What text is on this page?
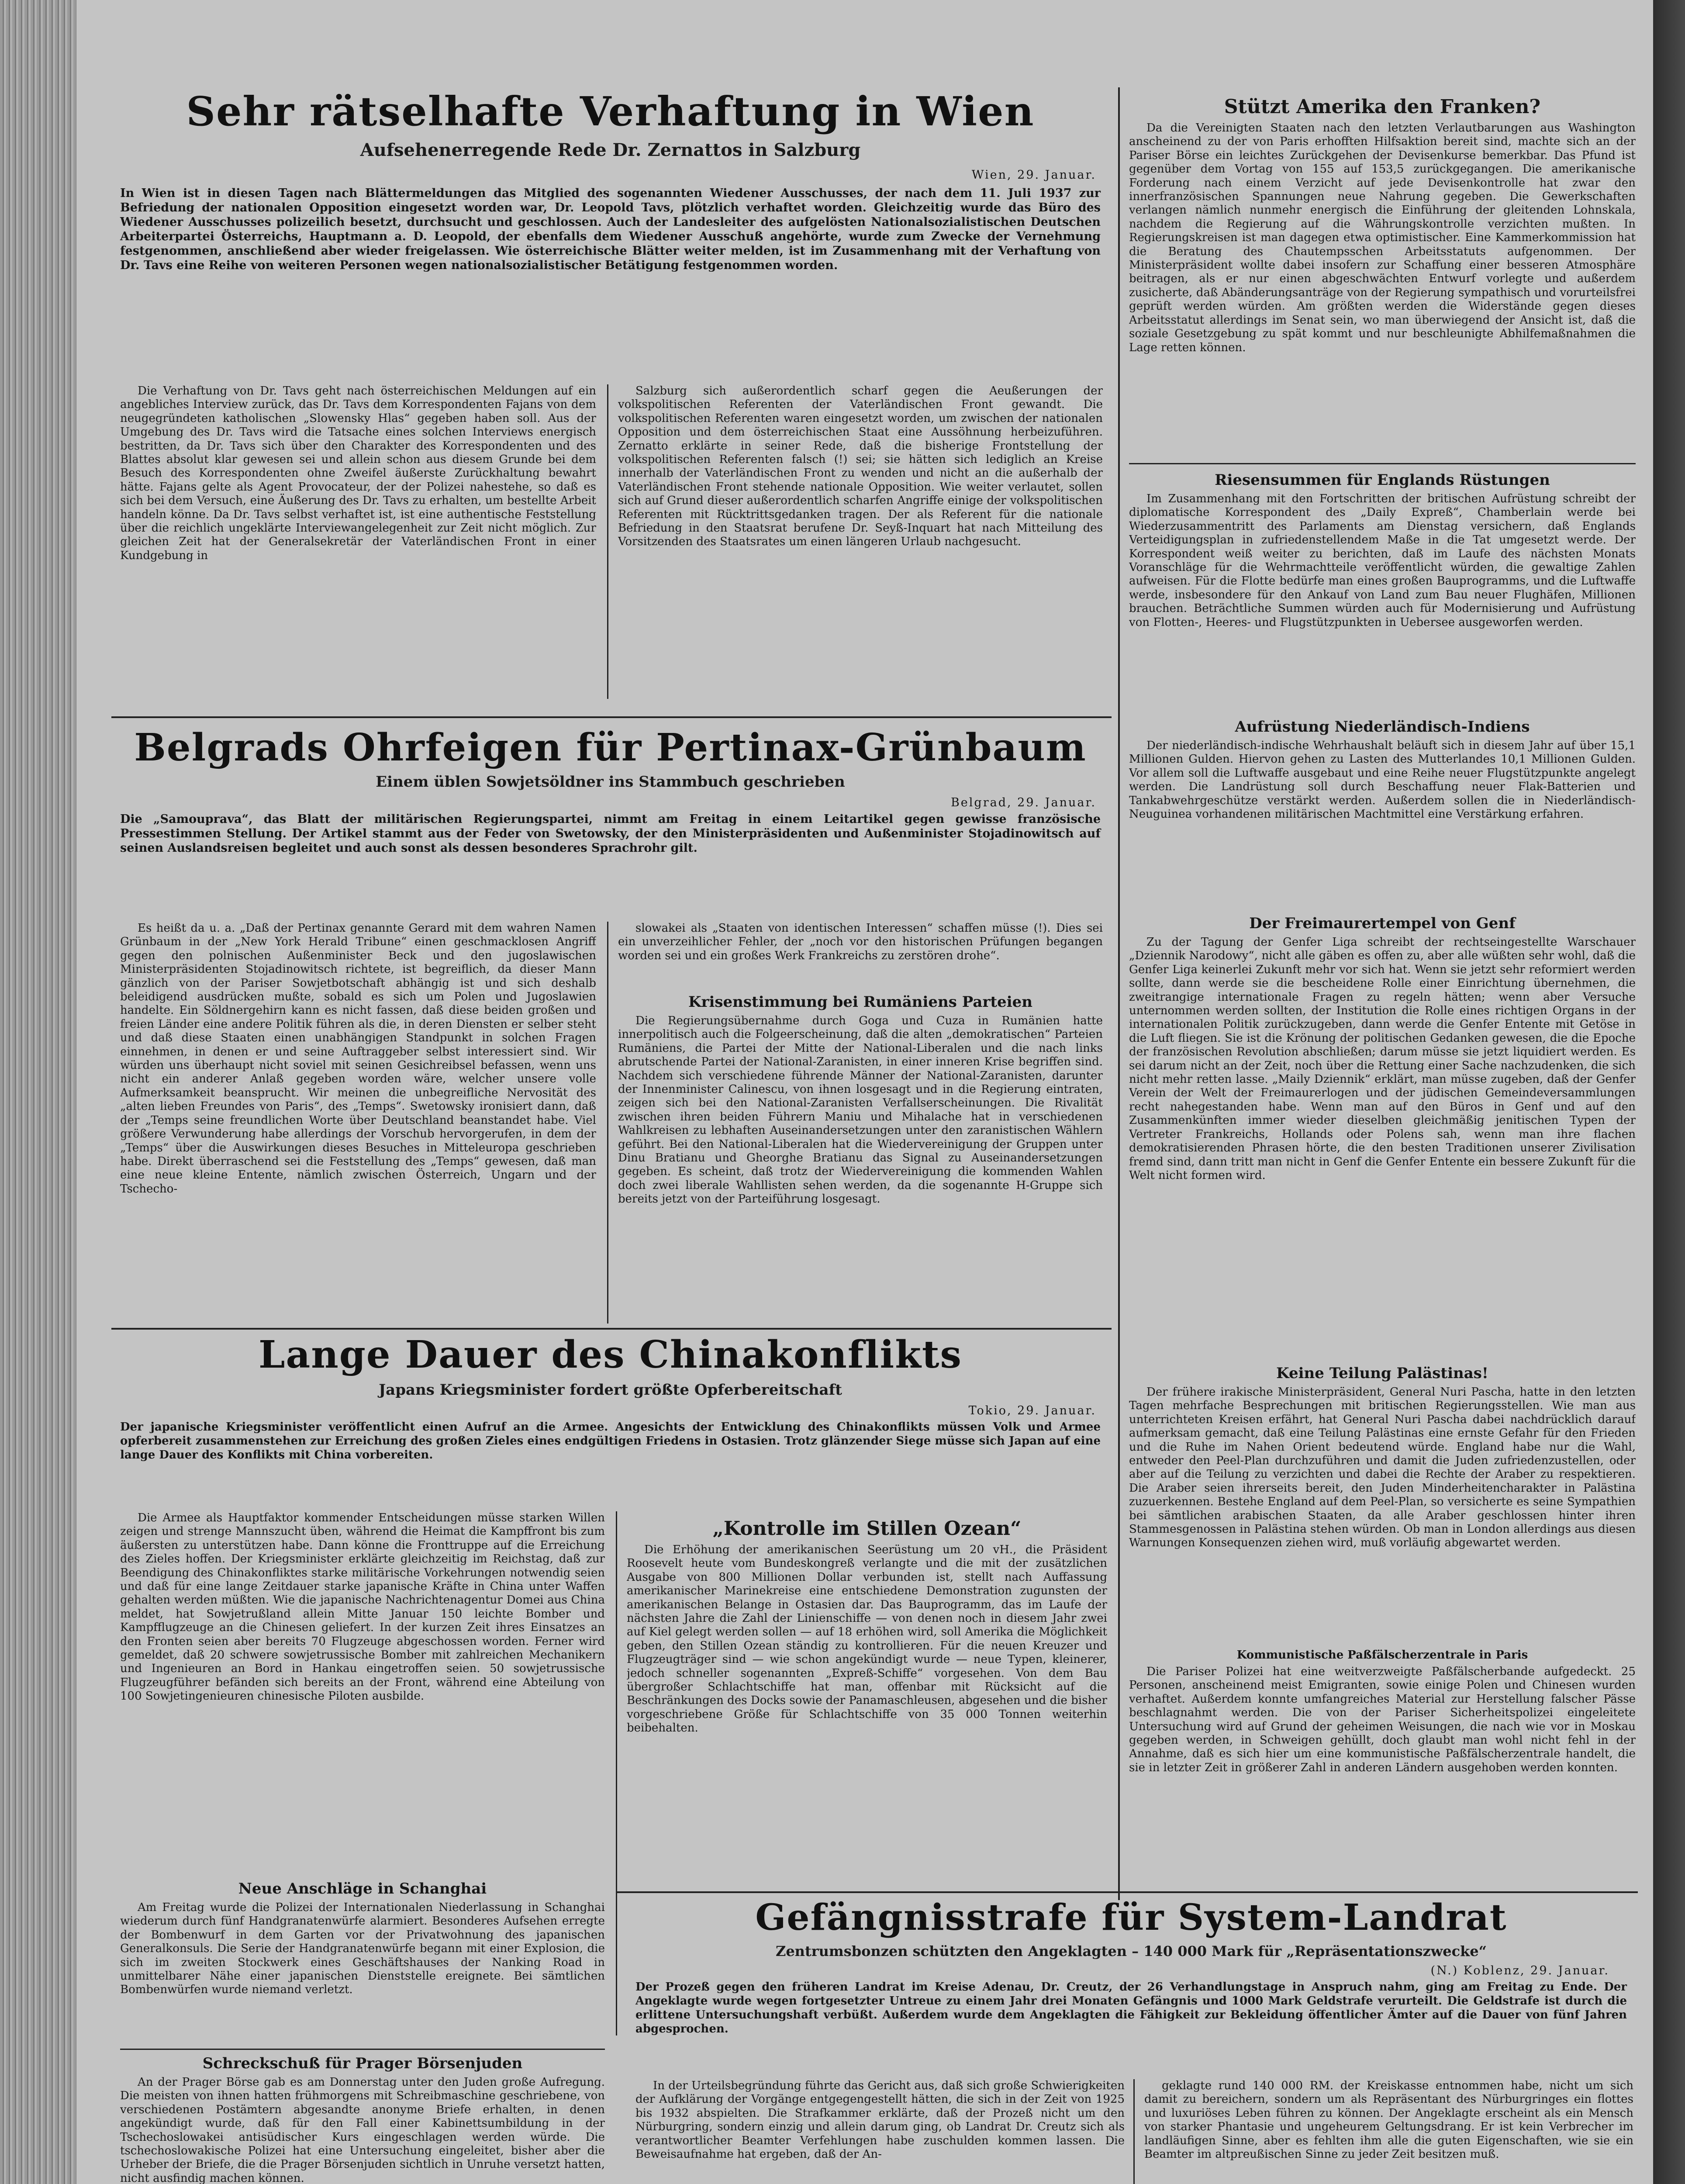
Sehr rätselhafte Verhaftung in Wien
Aufsehenerregende Rede Dr. Zernattos in Salzburg
Wien, 29. Januar.
In Wien ist in diesen Tagen nach Blättermeldungen das Mitglied des sogenannten Wiedener Ausschusses, der nach dem 11. Juli 1937 zur Befriedung der nationalen Opposition eingesetzt worden war, Dr. Leopold Tavs, plötzlich verhaftet worden. Gleichzeitig wurde das Büro des Wiedener Ausschusses polizeilich besetzt, durchsucht und geschlossen. Auch der Landesleiter des aufgelösten Nationalsozialistischen Deutschen Arbeiterpartei Österreichs, Hauptmann a. D. Leopold, der ebenfalls dem Wiedener Ausschuß angehörte, wurde zum Zwecke der Vernehmung festgenommen, anschließend aber wieder freigelassen. Wie österreichische Blätter weiter melden, ist im Zusammenhang mit der Verhaftung von Dr. Tavs eine Reihe von weiteren Personen wegen nationalsozialistischer Betätigung festgenommen worden.

Die Verhaftung von Dr. Tavs geht nach österreichischen Meldungen auf ein angebliches Interview zurück, das Dr. Tavs dem Korrespondenten Fajans von dem neugegründeten katholischen „Slowensky Hlas“ gegeben haben soll. Aus der Umgebung des Dr. Tavs wird die Tatsache eines solchen Interviews energisch bestritten, da Dr. Tavs sich über den Charakter des Korrespondenten und des Blattes absolut klar gewesen sei und allein schon aus diesem Grunde bei dem Besuch des Korrespondenten ohne Zweifel äußerste Zurückhaltung bewahrt hätte. Fajans gelte als Agent Provocateur, der der Polizei nahestehe, so daß es sich bei dem Versuch, eine Äußerung des Dr. Tavs zu erhalten, um bestellte Arbeit handeln könne. Da Dr. Tavs selbst verhaftet ist, ist eine authentische Feststellung über die reichlich ungeklärte Interviewangelegenheit zur Zeit nicht möglich. Zur gleichen Zeit hat der Generalsekretär der Vaterländischen Front in einer Kundgebung in

Salzburg sich außerordentlich scharf gegen die Aeußerungen der volkspolitischen Referenten der Vaterländischen Front gewandt. Die volkspolitischen Referenten waren eingesetzt worden, um zwischen der nationalen Opposition und dem österreichischen Staat eine Aussöhnung herbeizuführen. Zernatto erklärte in seiner Rede, daß die bisherige Frontstellung der volkspolitischen Referenten falsch (!) sei; sie hätten sich lediglich an Kreise innerhalb der Vaterländischen Front zu wenden und nicht an die außerhalb der Vaterländischen Front stehende nationale Opposition. Wie weiter verlautet, sollen sich auf Grund dieser außerordentlich scharfen Angriffe einige der volkspolitischen Referenten mit Rücktrittsgedanken tragen. Der als Referent für die nationale Befriedung in den Staatsrat berufene Dr. Seyß-Inquart hat nach Mitteilung des Vorsitzenden des Staatsrates um einen längeren Urlaub nachgesucht.

Belgrads Ohrfeigen für Pertinax-Grünbaum
Einem üblen Sowjetsöldner ins Stammbuch geschrieben
Belgrad, 29. Januar.
Die „Samouprava“, das Blatt der militärischen Regierungspartei, nimmt am Freitag in einem Leitartikel gegen gewisse französische Pressestimmen Stellung. Der Artikel stammt aus der Feder von Swetowsky, der den Ministerpräsidenten und Außenminister Stojadinowitsch auf seinen Auslandsreisen begleitet und auch sonst als dessen besonderes Sprachrohr gilt.

Es heißt da u. a. „Daß der Pertinax genannte Gerard mit dem wahren Namen Grünbaum in der „New York Herald Tribune“ einen geschmacklosen Angriff gegen den polnischen Außenminister Beck und den jugoslawischen Ministerpräsidenten Stojadinowitsch richtete, ist begreiflich, da dieser Mann gänzlich von der Pariser Sowjetbotschaft abhängig ist und sich deshalb beleidigend ausdrücken mußte, sobald es sich um Polen und Jugoslawien handelte. Ein Söldnergehirn kann es nicht fassen, daß diese beiden großen und freien Länder eine andere Politik führen als die, in deren Diensten er selber steht und daß diese Staaten einen unabhängigen Standpunkt in solchen Fragen einnehmen, in denen er und seine Auftraggeber selbst interessiert sind. Wir würden uns überhaupt nicht soviel mit seinen Gesichreibsel befassen, wenn uns nicht ein anderer Anlaß gegeben worden wäre, welcher unsere volle Aufmerksamkeit beansprucht. Wir meinen die unbegreifliche Nervosität des „alten lieben Freundes von Paris“, des „Temps“. Swetowsky ironisiert dann, daß der „Temps seine freundlichen Worte über Deutschland beanstandet habe. Viel größere Verwunderung habe allerdings der Vorschub hervorgerufen, in dem der „Temps“ über die Auswirkungen dieses Besuches in Mitteleuropa geschrieben habe. Direkt überraschend sei die Feststellung des „Temps“ gewesen, daß man eine neue kleine Entente, nämlich zwischen Österreich, Ungarn und der Tschecho-

slowakei als „Staaten von identischen Interessen“ schaffen müsse (!). Dies sei ein unverzeihlicher Fehler, der „noch vor den historischen Prüfungen begangen worden sei und ein großes Werk Frankreichs zu zerstören drohe“.

Krisenstimmung bei Rumäniens Parteien

Die Regierungsübernahme durch Goga und Cuza in Rumänien hatte innerpolitisch auch die Folgeerscheinung, daß die alten „demokratischen“ Parteien Rumäniens, die Partei der Mitte der National-Liberalen und die nach links abrutschende Partei der National-Zaranisten, in einer inneren Krise begriffen sind. Nachdem sich verschiedene führende Männer der National-Zaranisten, darunter der Innenminister Calinescu, von ihnen losgesagt und in die Regierung eintraten, zeigen sich bei den National-Zaranisten Verfallserscheinungen. Die Rivalität zwischen ihren beiden Führern Maniu und Mihalache hat in verschiedenen Wahlkreisen zu lebhaften Auseinandersetzungen unter den zaranistischen Wählern geführt. Bei den National-Liberalen hat die Wiedervereinigung der Gruppen unter Dinu Bratianu und Gheorghe Bratianu das Signal zu Auseinandersetzungen gegeben. Es scheint, daß trotz der Wiedervereinigung die kommenden Wahlen doch zwei liberale Wahllisten sehen werden, da die sogenannte H-Gruppe sich bereits jetzt von der Parteiführung losgesagt.

Lange Dauer des Chinakonflikts
Japans Kriegsminister fordert größte Opferbereitschaft
Tokio, 29. Januar.
Der japanische Kriegsminister veröffentlicht einen Aufruf an die Armee. Angesichts der Entwicklung des Chinakonflikts müssen Volk und Armee opferbereit zusammenstehen zur Erreichung des großen Zieles eines endgültigen Friedens in Ostasien. Trotz glänzender Siege müsse sich Japan auf eine lange Dauer des Konflikts mit China vorbereiten.

Die Armee als Hauptfaktor kommender Entscheidungen müsse starken Willen zeigen und strenge Mannszucht üben, während die Heimat die Kampffront bis zum äußersten zu unterstützen habe. Dann könne die Fronttruppe auf die Erreichung des Zieles hoffen. Der Kriegsminister erklärte gleichzeitig im Reichstag, daß zur Beendigung des Chinakonfliktes starke militärische Vorkehrungen notwendig seien und daß für eine lange Zeitdauer starke japanische Kräfte in China unter Waffen gehalten werden müßten. Wie die japanische Nachrichtenagentur Domei aus China meldet, hat Sowjetrußland allein Mitte Januar 150 leichte Bomber und Kampfflugzeuge an die Chinesen geliefert. In der kurzen Zeit ihres Einsatzes an den Fronten seien aber bereits 70 Flugzeuge abgeschossen worden. Ferner wird gemeldet, daß 20 schwere sowjetrussische Bomber mit zahlreichen Mechanikern und Ingenieuren an Bord in Hankau eingetroffen seien. 50 sowjetrussische Flugzeugführer befänden sich bereits an der Front, während eine Abteilung von 100 Sowjetingenieuren chinesische Piloten ausbilde.

„Kontrolle im Stillen Ozean“

Die Erhöhung der amerikanischen Seerüstung um 20 vH., die Präsident Roosevelt heute vom Bundeskongreß verlangte und die mit der zusätzlichen Ausgabe von 800 Millionen Dollar verbunden ist, stellt nach Auffassung amerikanischer Marinekreise eine entschiedene Demonstration zugunsten der amerikanischen Belange in Ostasien dar. Das Bauprogramm, das im Laufe der nächsten Jahre die Zahl der Linienschiffe — von denen noch in diesem Jahr zwei auf Kiel gelegt werden sollen — auf 18 erhöhen wird, soll Amerika die Möglichkeit geben, den Stillen Ozean ständig zu kontrollieren. Für die neuen Kreuzer und Flugzeugträger sind — wie schon angekündigt wurde — neue Typen, kleinerer, jedoch schneller sogenannten „Expreß-Schiffe“ vorgesehen. Von dem Bau übergroßer Schlachtschiffe hat man, offenbar mit Rücksicht auf die Beschränkungen des Docks sowie der Panamaschleusen, abgesehen und die bisher vorgeschriebene Größe für Schlachtschiffe von 35 000 Tonnen weiterhin beibehalten.

Neue Anschläge in Schanghai

Am Freitag wurde die Polizei der Internationalen Niederlassung in Schanghai wiederum durch fünf Handgranatenwürfe alarmiert. Besonderes Aufsehen erregte der Bombenwurf in dem Garten vor der Privatwohnung des japanischen Generalkonsuls. Die Serie der Handgranatenwürfe begann mit einer Explosion, die sich im zweiten Stockwerk eines Geschäftshauses der Nanking Road in unmittelbarer Nähe einer japanischen Dienststelle ereignete. Bei sämtlichen Bombenwürfen wurde niemand verletzt.

Schreckschuß für Prager Börsenjuden

An der Prager Börse gab es am Donnerstag unter den Juden große Aufregung. Die meisten von ihnen hatten frühmorgens mit Schreibmaschine geschriebene, von verschiedenen Postämtern abgesandte anonyme Briefe erhalten, in denen angekündigt wurde, daß für den Fall einer Kabinettsumbildung in der Tschechoslowakei antisüdischer Kurs eingeschlagen werden würde. Die tschechoslowakische Polizei hat eine Untersuchung eingeleitet, bisher aber die Urheber der Briefe, die die Prager Börsenjuden sichtlich in Unruhe versetzt hatten, nicht ausfindig machen können.

Stützt Amerika den Franken?

Da die Vereinigten Staaten nach den letzten Verlautbarungen aus Washington anscheinend zu der von Paris erhofften Hilfsaktion bereit sind, machte sich an der Pariser Börse ein leichtes Zurückgehen der Devisenkurse bemerkbar. Das Pfund ist gegenüber dem Vortag von 155 auf 153,5 zurückgegangen. Die amerikanische Forderung nach einem Verzicht auf jede Devisenkontrolle hat zwar den innerfranzösischen Spannungen neue Nahrung gegeben. Die Gewerkschaften verlangen nämlich nunmehr energisch die Einführung der gleitenden Lohnskala, nachdem die Regierung auf die Währungskontrolle verzichten mußten. In Regierungskreisen ist man dagegen etwa optimistischer. Eine Kammerkommission hat die Beratung des Chautempsschen Arbeitsstatuts aufgenommen. Der Ministerpräsident wollte dabei insofern zur Schaffung einer besseren Atmosphäre beitragen, als er nur einen abgeschwächten Entwurf vorlegte und außerdem zusicherte, daß Abänderungsanträge von der Regierung sympathisch und vorurteilsfrei geprüft werden würden. Am größten werden die Widerstände gegen dieses Arbeitsstatut allerdings im Senat sein, wo man überwiegend der Ansicht ist, daß die soziale Gesetzgebung zu spät kommt und nur beschleunigte Abhilfemaßnahmen die Lage retten können.

Riesensummen für Englands Rüstungen

Im Zusammenhang mit den Fortschritten der britischen Aufrüstung schreibt der diplomatische Korrespondent des „Daily Expreß“, Chamberlain werde bei Wiederzusammentritt des Parlaments am Dienstag versichern, daß Englands Verteidigungsplan in zufriedenstellendem Maße in die Tat umgesetzt werde. Der Korrespondent weiß weiter zu berichten, daß im Laufe des nächsten Monats Voranschläge für die Wehrmachtteile veröffentlicht würden, die gewaltige Zahlen aufweisen. Für die Flotte bedürfe man eines großen Bauprogramms, und die Luftwaffe werde, insbesondere für den Ankauf von Land zum Bau neuer Flughäfen, Millionen brauchen. Beträchtliche Summen würden auch für Modernisierung und Aufrüstung von Flotten-, Heeres- und Flugstützpunkten in Uebersee ausgeworfen werden.

Aufrüstung Niederländisch-Indiens

Der niederländisch-indische Wehrhaushalt beläuft sich in diesem Jahr auf über 15,1 Millionen Gulden. Hiervon gehen zu Lasten des Mutterlandes 10,1 Millionen Gulden. Vor allem soll die Luftwaffe ausgebaut und eine Reihe neuer Flugstützpunkte angelegt werden. Die Landrüstung soll durch Beschaffung neuer Flak-Batterien und Tankabwehrgeschütze verstärkt werden. Außerdem sollen die in Niederländisch-Neuguinea vorhandenen militärischen Machtmittel eine Verstärkung erfahren.

Der Freimaurertempel von Genf

Zu der Tagung der Genfer Liga schreibt der rechtseingestellte Warschauer „Dziennik Narodowy“, nicht alle gäben es offen zu, aber alle wüßten sehr wohl, daß die Genfer Liga keinerlei Zukunft mehr vor sich hat. Wenn sie jetzt sehr reformiert werden sollte, dann werde sie die bescheidene Rolle einer Einrichtung übernehmen, die zweitrangige internationale Fragen zu regeln hätten; wenn aber Versuche unternommen werden sollten, der Institution die Rolle eines richtigen Organs in der internationalen Politik zurückzugeben, dann werde die Genfer Entente mit Getöse in die Luft fliegen. Sie ist die Krönung der politischen Gedanken gewesen, die die Epoche der französischen Revolution abschließen; darum müsse sie jetzt liquidiert werden. Es sei darum nicht an der Zeit, noch über die Rettung einer Sache nachzudenken, die sich nicht mehr retten lasse. „Maily Dziennik“ erklärt, man müsse zugeben, daß der Genfer Verein der Welt der Freimaurerlogen und der jüdischen Gemeindeversammlungen recht nahegestanden habe. Wenn man auf den Büros in Genf und auf den Zusammenkünften immer wieder dieselben gleichmäßig jenitischen Typen der Vertreter Frankreichs, Hollands oder Polens sah, wenn man ihre flachen demokratisierenden Phrasen hörte, die den besten Traditionen unserer Zivilisation fremd sind, dann tritt man nicht in Genf die Genfer Entente ein bessere Zukunft für die Welt nicht formen wird.

Keine Teilung Palästinas!

Der frühere irakische Ministerpräsident, General Nuri Pascha, hatte in den letzten Tagen mehrfache Besprechungen mit britischen Regierungsstellen. Wie man aus unterrichteten Kreisen erfährt, hat General Nuri Pascha dabei nachdrücklich darauf aufmerksam gemacht, daß eine Teilung Palästinas eine ernste Gefahr für den Frieden und die Ruhe im Nahen Orient bedeutend würde. England habe nur die Wahl, entweder den Peel-Plan durchzuführen und damit die Juden zufriedenzustellen, oder aber auf die Teilung zu verzichten und dabei die Rechte der Araber zu respektieren. Die Araber seien ihrerseits bereit, den Juden Minderheitencharakter in Palästina zuzuerkennen. Bestehe England auf dem Peel-Plan, so versicherte es seine Sympathien bei sämtlichen arabischen Staaten, da alle Araber geschlossen hinter ihren Stammesgenossen in Palästina stehen würden. Ob man in London allerdings aus diesen Warnungen Konsequenzen ziehen wird, muß vorläufig abgewartet werden.

Kommunistische Paßfälscherzentrale in Paris

Die Pariser Polizei hat eine weitverzweigte Paßfälscherbande aufgedeckt. 25 Personen, anscheinend meist Emigranten, sowie einige Polen und Chinesen wurden verhaftet. Außerdem konnte umfangreiches Material zur Herstellung falscher Pässe beschlagnahmt werden. Die von der Pariser Sicherheitspolizei eingeleitete Untersuchung wird auf Grund der geheimen Weisungen, die nach wie vor in Moskau gegeben werden, in Schweigen gehüllt, doch glaubt man wohl nicht fehl in der Annahme, daß es sich hier um eine kommunistische Paßfälscherzentrale handelt, die sie in letzter Zeit in größerer Zahl in anderen Ländern ausgehoben werden konnten.

Gefängnisstrafe für System-Landrat
Zentrumsbonzen schützten den Angeklagten – 140 000 Mark für „Repräsentationszwecke“
(N.) Koblenz, 29. Januar.
Der Prozeß gegen den früheren Landrat im Kreise Adenau, Dr. Creutz, der 26 Verhandlungstage in Anspruch nahm, ging am Freitag zu Ende. Der Angeklagte wurde wegen fortgesetzter Untreue zu einem Jahr drei Monaten Gefängnis und 1000 Mark Geldstrafe verurteilt. Die Geldstrafe ist durch die erlittene Untersuchungshaft verbüßt. Außerdem wurde dem Angeklagten die Fähigkeit zur Bekleidung öffentlicher Ämter auf die Dauer von fünf Jahren abgesprochen.

In der Urteilsbegründung führte das Gericht aus, daß sich große Schwierigkeiten der Aufklärung der Vorgänge entgegengestellt hätten, die sich in der Zeit von 1925 bis 1932 abspielten. Die Strafkammer erklärte, daß der Prozeß nicht um den Nürburgring, sondern einzig und allein darum ging, ob Landrat Dr. Creutz sich als verantwortlicher Beamter Verfehlungen habe zuschulden kommen lassen. Die Beweisaufnahme hat ergeben, daß der An-

geklagte rund 140 000 RM. der Kreiskasse entnommen habe, nicht um sich damit zu bereichern, sondern um als Repräsentant des Nürburgringes ein flottes und luxuriöses Leben führen zu können. Der Angeklagte erscheint als ein Mensch von starker Phantasie und ungeheurem Geltungsdrang. Er ist kein Verbrecher im landläufigen Sinne, aber es fehlten ihm alle die guten Eigenschaften, wie sie ein Beamter im altpreußischen Sinne zu jeder Zeit besitzen muß.
